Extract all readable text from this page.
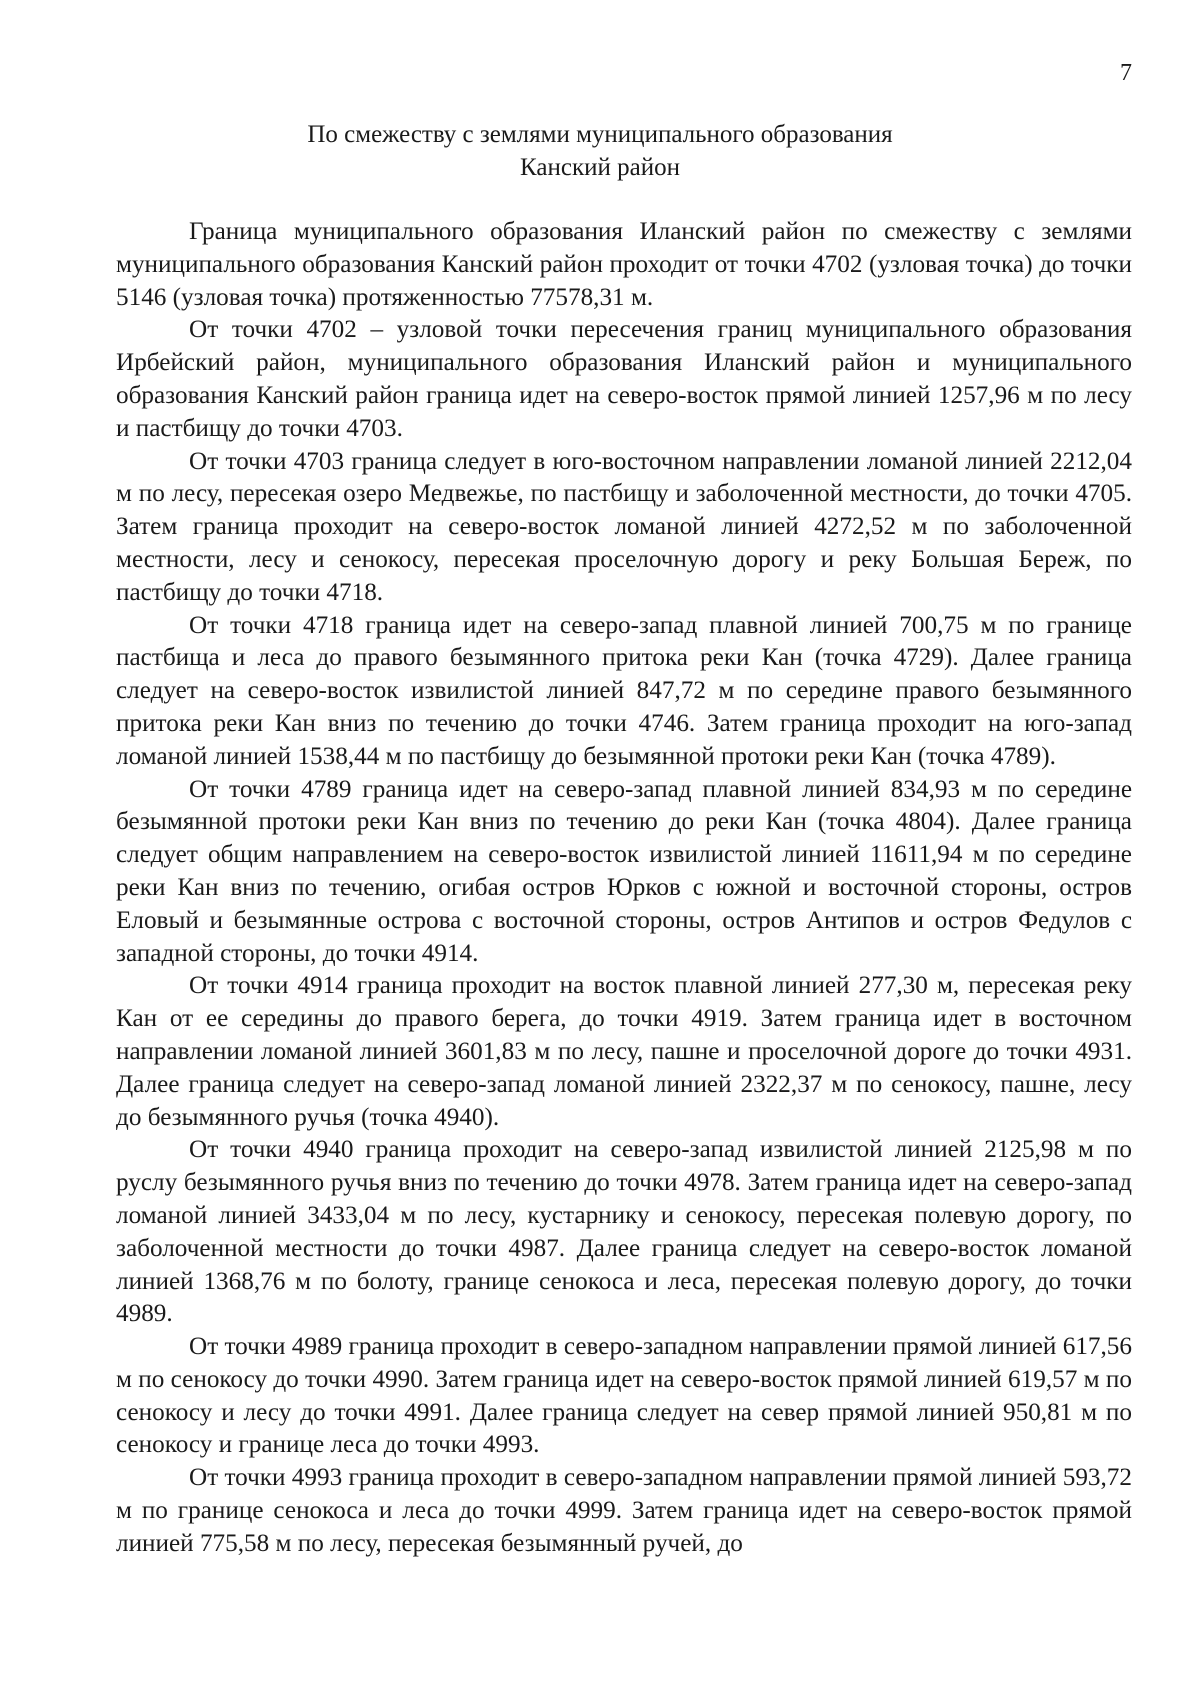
7
По смежеству с землями муниципального образования
Канский район

Граница муниципального образования Иланский район по смежеству с землями муниципального образования Канский район проходит от точки 4702 (узловая точка) до точки 5146 (узловая точка) протяженностью 77578,31 м.

От точки 4702 – узловой точки пересечения границ муниципального образования Ирбейский район, муниципального образования Иланский район и муниципального образования Канский район граница идет на северо-восток прямой линией 1257,96 м по лесу и пастбищу до точки 4703.

От точки 4703 граница следует в юго-восточном направлении ломаной линией 2212,04 м по лесу, пересекая озеро Медвежье, по пастбищу и заболоченной местности, до точки 4705. Затем граница проходит на северо-восток ломаной линией 4272,52 м по заболоченной местности, лесу и сенокосу, пересекая проселочную дорогу и реку Большая Береж, по пастбищу до точки 4718.

От точки 4718 граница идет на северо-запад плавной линией 700,75 м по границе пастбища и леса до правого безымянного притока реки Кан (точка 4729). Далее граница следует на северо-восток извилистой линией 847,72 м по середине правого безымянного притока реки Кан вниз по течению до точки 4746. Затем граница проходит на юго-запад ломаной линией 1538,44 м по пастбищу до безымянной протоки реки Кан (точка 4789).

От точки 4789 граница идет на северо-запад плавной линией 834,93 м по середине безымянной протоки реки Кан вниз по течению до реки Кан (точка 4804). Далее граница следует общим направлением на северо-восток извилистой линией 11611,94 м по середине реки Кан вниз по течению, огибая остров Юрков с южной и восточной стороны, остров Еловый и безымянные острова с восточной стороны, остров Антипов и остров Федулов с западной стороны, до точки 4914.

От точки 4914 граница проходит на восток плавной линией 277,30 м, пересекая реку Кан от ее середины до правого берега, до точки 4919. Затем граница идет в восточном направлении ломаной линией 3601,83 м по лесу, пашне и проселочной дороге до точки 4931. Далее граница следует на северо-запад ломаной линией 2322,37 м по сенокосу, пашне, лесу до безымянного ручья (точка 4940).

От точки 4940 граница проходит на северо-запад извилистой линией 2125,98 м по руслу безымянного ручья вниз по течению до точки 4978. Затем граница идет на северо-запад ломаной линией 3433,04 м по лесу, кустарнику и сенокосу, пересекая полевую дорогу, по заболоченной местности до точки 4987. Далее граница следует на северо-восток ломаной линией 1368,76 м по болоту, границе сенокоса и леса, пересекая полевую дорогу, до точки 4989.

От точки 4989 граница проходит в северо-западном направлении прямой линией 617,56 м по сенокосу до точки 4990. Затем граница идет на северо-восток прямой линией 619,57 м по сенокосу и лесу до точки 4991. Далее граница следует на север прямой линией 950,81 м по сенокосу и границе леса до точки 4993.

От точки 4993 граница проходит в северо-западном направлении прямой линией 593,72 м по границе сенокоса и леса до точки 4999. Затем граница идет на северо-восток прямой линией 775,58 м по лесу, пересекая безымянный ручей, до
